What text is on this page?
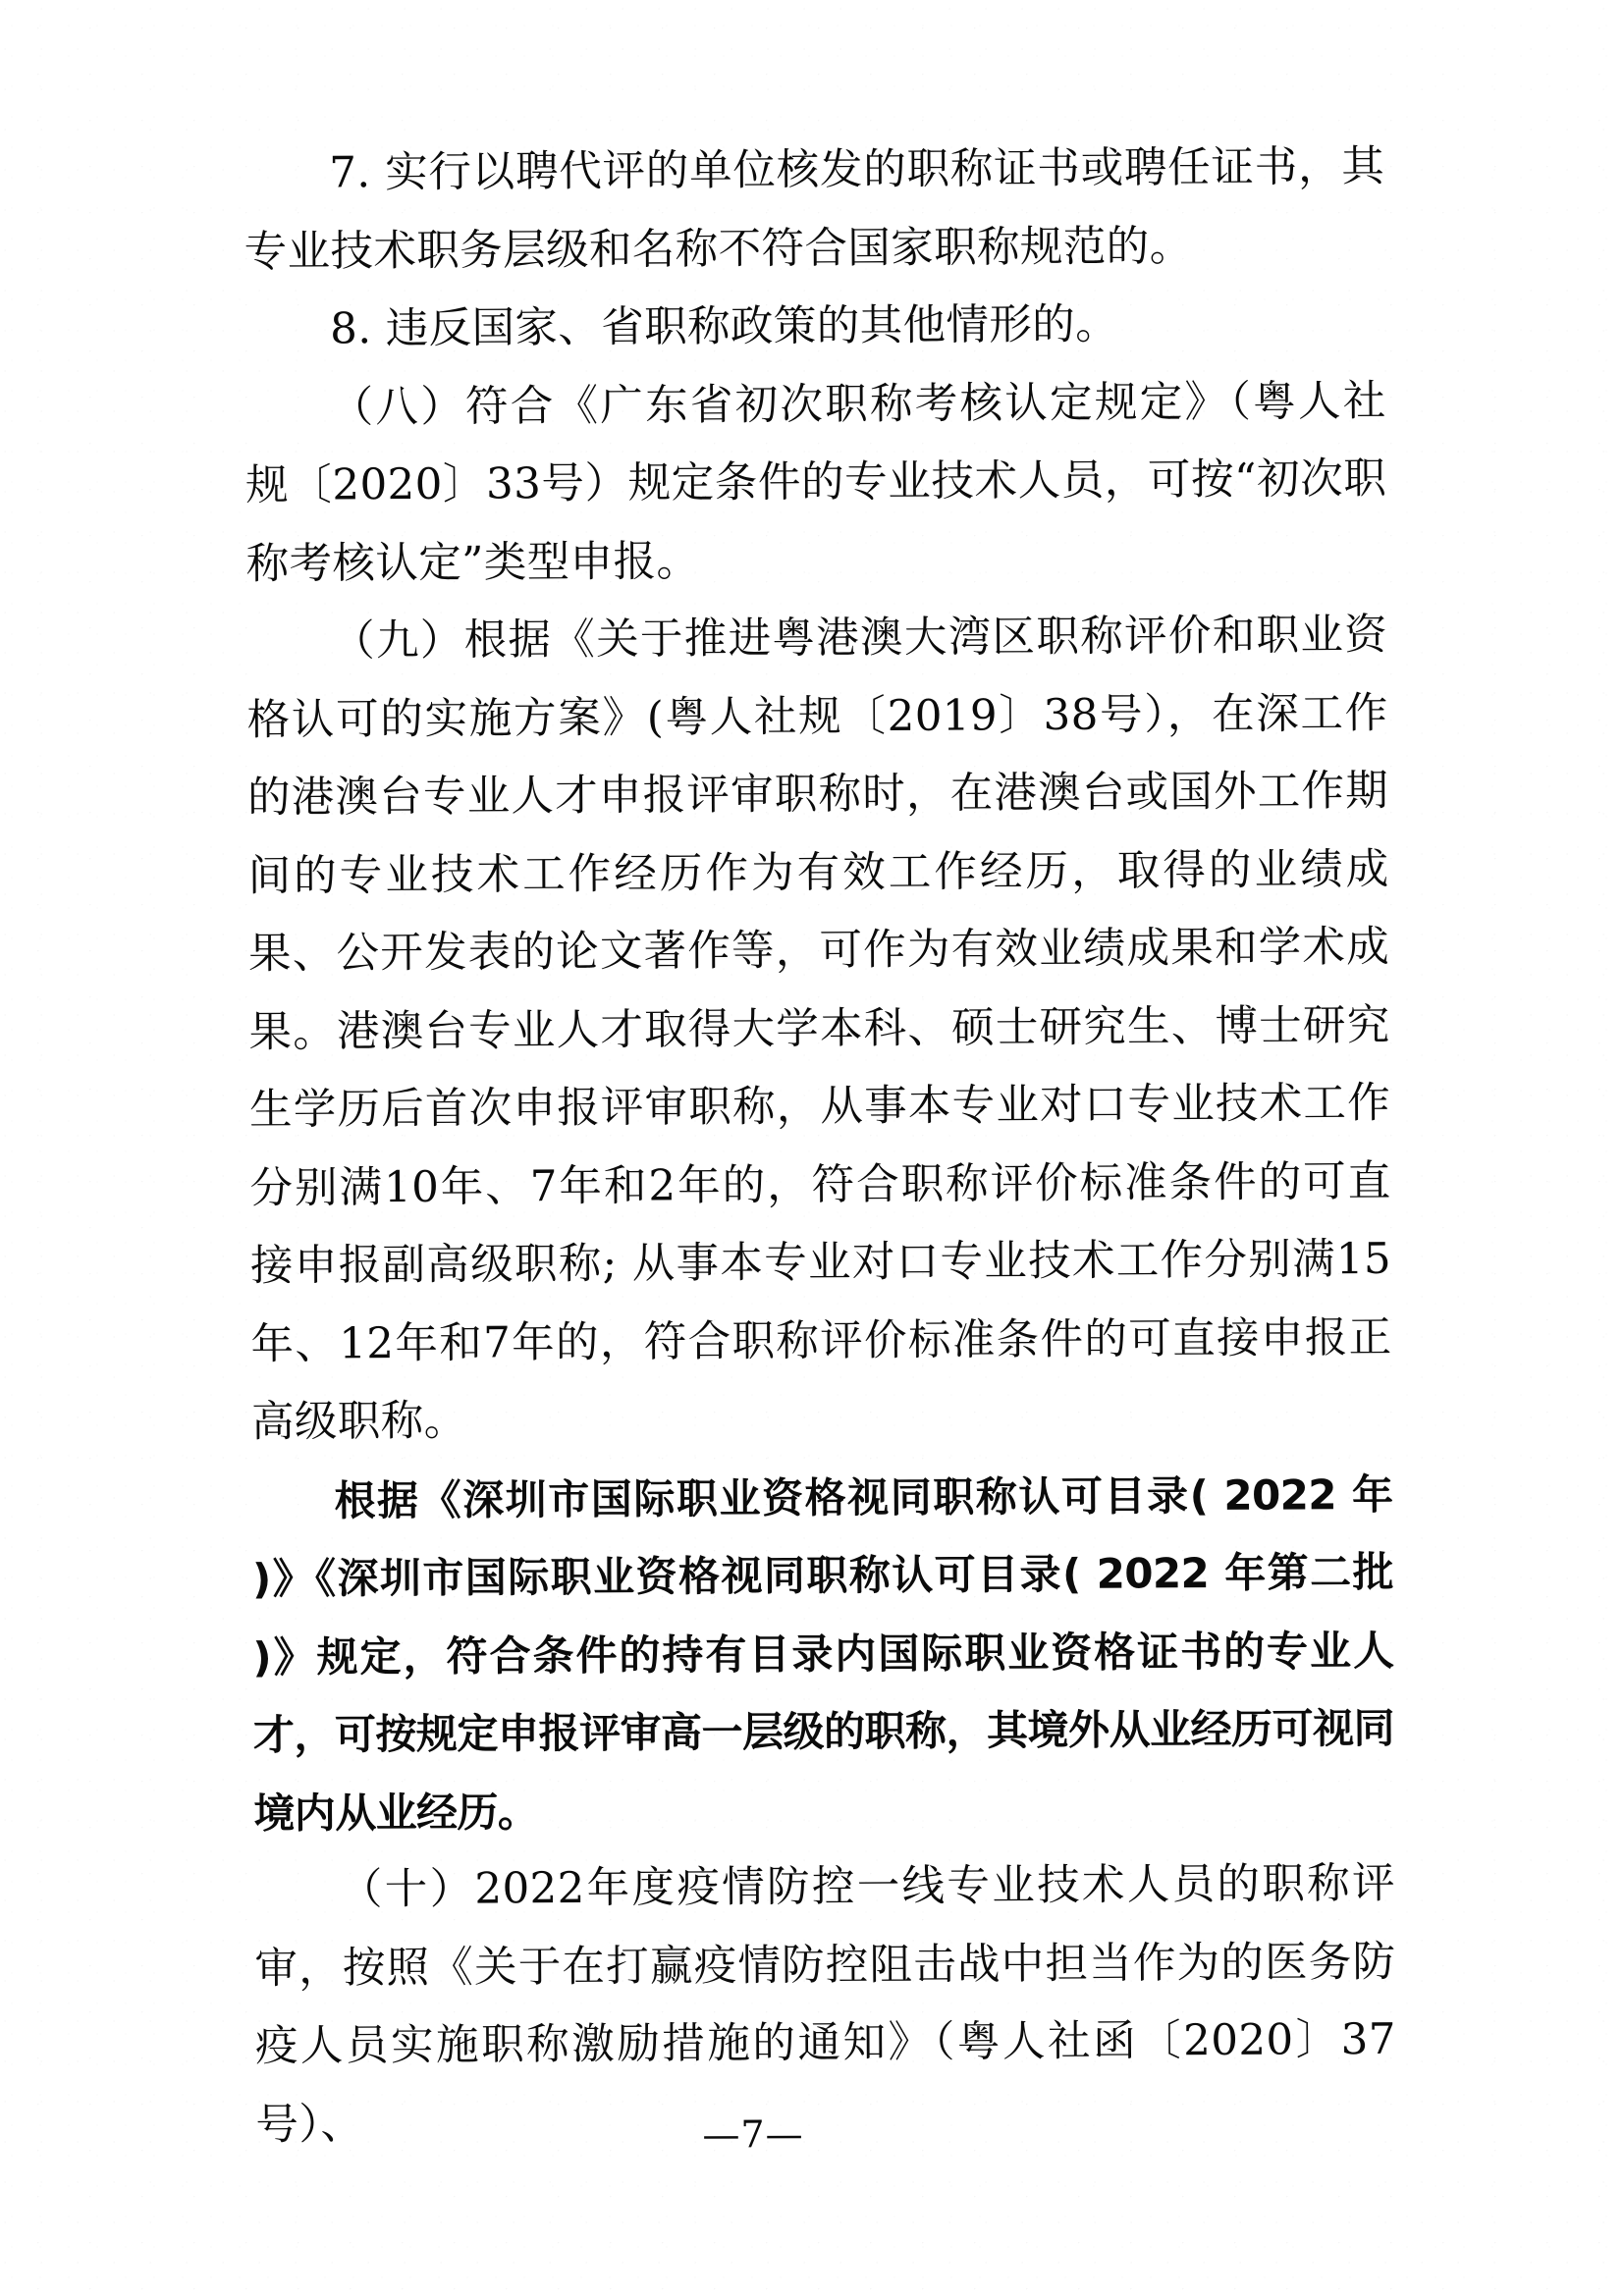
7. 实行以聘代评的单位核发的职称证书或聘任证书，其专业技术职务层级和名称不符合国家职称规范的。

8. 违反国家、省职称政策的其他情形的。

（八）符合《广东省初次职称考核认定规定》（粤人社规〔2020〕33号）规定条件的专业技术人员，可按“初次职称考核认定”类型申报。

（九）根据《关于推进粤港澳大湾区职称评价和职业资格认可的实施方案》(粤人社规〔2019〕38号），在深工作的港澳台专业人才申报评审职称时，在港澳台或国外工作期间的专业技术工作经历作为有效工作经历，取得的业绩成果、公开发表的论文著作等，可作为有效业绩成果和学术成果。港澳台专业人才取得大学本科、硕士研究生、博士研究生学历后首次申报评审职称，从事本专业对口专业技术工作分别满10年、7年和2年的，符合职称评价标准条件的可直接申报副高级职称; 从事本专业对口专业技术工作分别满15年、12年和7年的，符合职称评价标准条件的可直接申报正高级职称。

根据《深圳市国际职业资格视同职称认可目录( 2022 年 )》《深圳市国际职业资格视同职称认可目录( 2022 年第二批 )》规定，符合条件的持有目录内国际职业资格证书的专业人才，可按规定申报评审高一层级的职称，其境外从业经历可视同境内从业经历。

（十）2022年度疫情防控一线专业技术人员的职称评审，按照《关于在打赢疫情防控阻击战中担当作为的医务防疫人员实施职称激励措施的通知》（粤人社函〔2020〕37号）、	—7—
